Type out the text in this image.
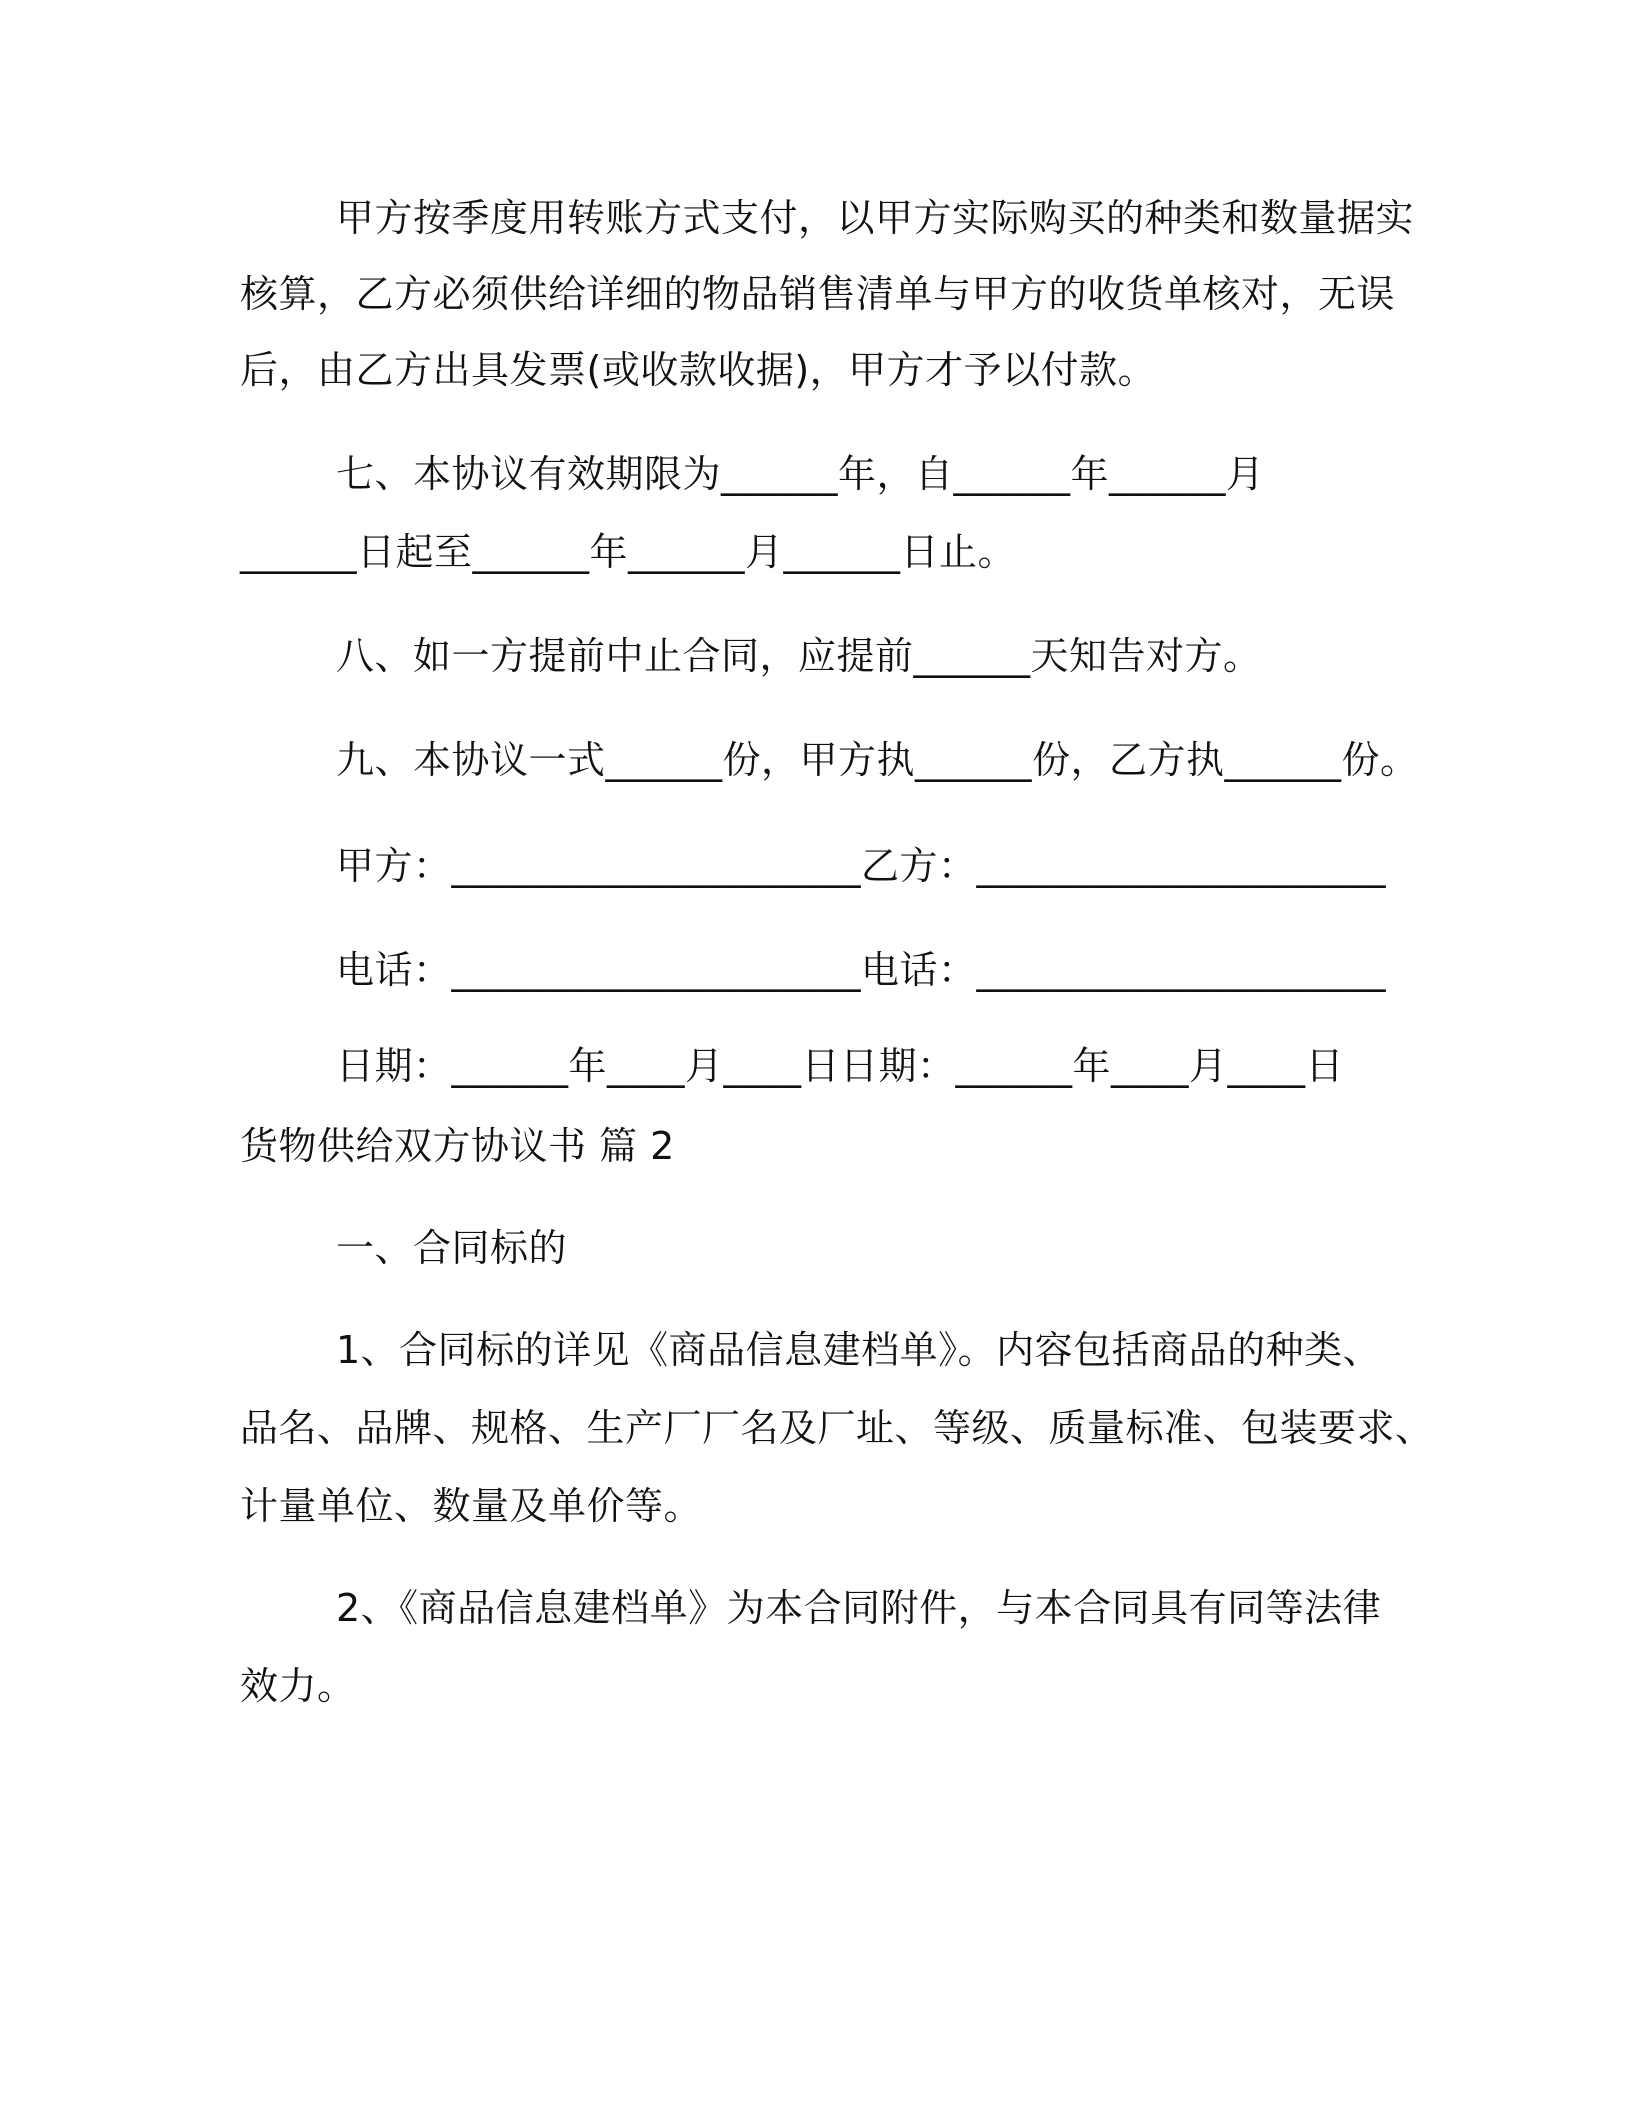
甲方按季度用转账方式支付，以甲方实际购买的种类和数量据实
核算，乙方必须供给详细的物品销售清单与甲方的收货单核对，无误
后，由乙方出具发票(或收款收据)，甲方才予以付款。
七、本协议有效期限为______年，自______年______月
______日起至______年______月______日止。
八、如一方提前中止合同，应提前______天知告对方。
九、本协议一式______份，甲方执______份，乙方执______份。
甲方：_____________________乙方：_____________________
电话：_____________________电话：_____________________
日期：______年____月____日日期：______年____月____日
货物供给双方协议书 篇 2
一、合同标的
1、合同标的详见《商品信息建档单》。内容包括商品的种类、
品名、品牌、规格、生产厂厂名及厂址、等级、质量标准、包装要求、
计量单位、数量及单价等。
2、《商品信息建档单》为本合同附件，与本合同具有同等法律
效力。
